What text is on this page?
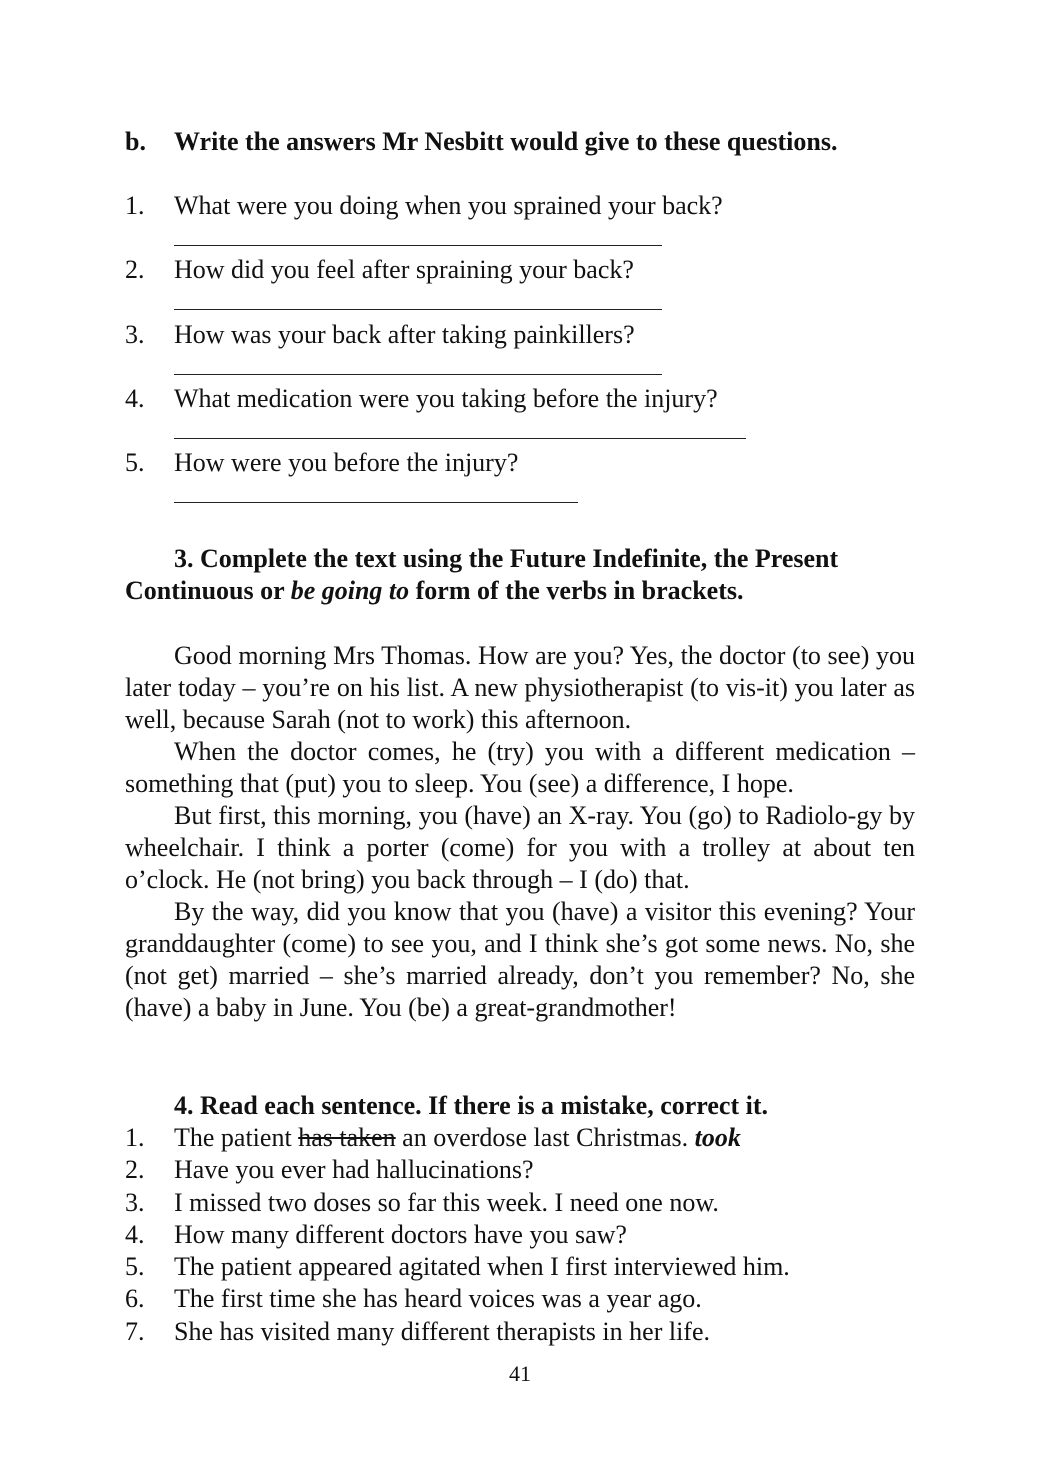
b. Write the answers Mr Nesbitt would give to these questions.
1. What were you doing when you sprained your back?
2. How did you feel after spraining your back?
3. How was your back after taking painkillers?
4. What medication were you taking before the injury?
5. How were you before the injury?

3. Complete the text using the Future Indefinite, the Present

Continuous or be going to form of the verbs in brackets.

Good morning Mrs Thomas. How are you? Yes, the doctor (to see) you later today – you’re on his list. A new physiotherapist (to vis-it) you later as well, because Sarah (not to work) this afternoon.

When the doctor comes, he (try) you with a different medication – something that (put) you to sleep. You (see) a difference, I hope.

But first, this morning, you (have) an X-ray. You (go) to Radiolo-gy by wheelchair. I think a porter (come) for you with a trolley at about ten o’clock. He (not bring) you back through – I (do) that.

By the way, did you know that you (have) a visitor this evening? Your granddaughter (come) to see you, and I think she’s got some news. No, she (not get) married – she’s married already, don’t you remember? No, she (have) a baby in June. You (be) a great-grandmother!

4. Read each sentence. If there is a mistake, correct it.
1. The patient has taken an overdose last Christmas. took
2. Have you ever had hallucinations?
3. I missed two doses so far this week. I need one now.
4. How many different doctors have you saw?
5. The patient appeared agitated when I first interviewed him.
6. The first time she has heard voices was a year ago.
7. She has visited many different therapists in her life.
41
